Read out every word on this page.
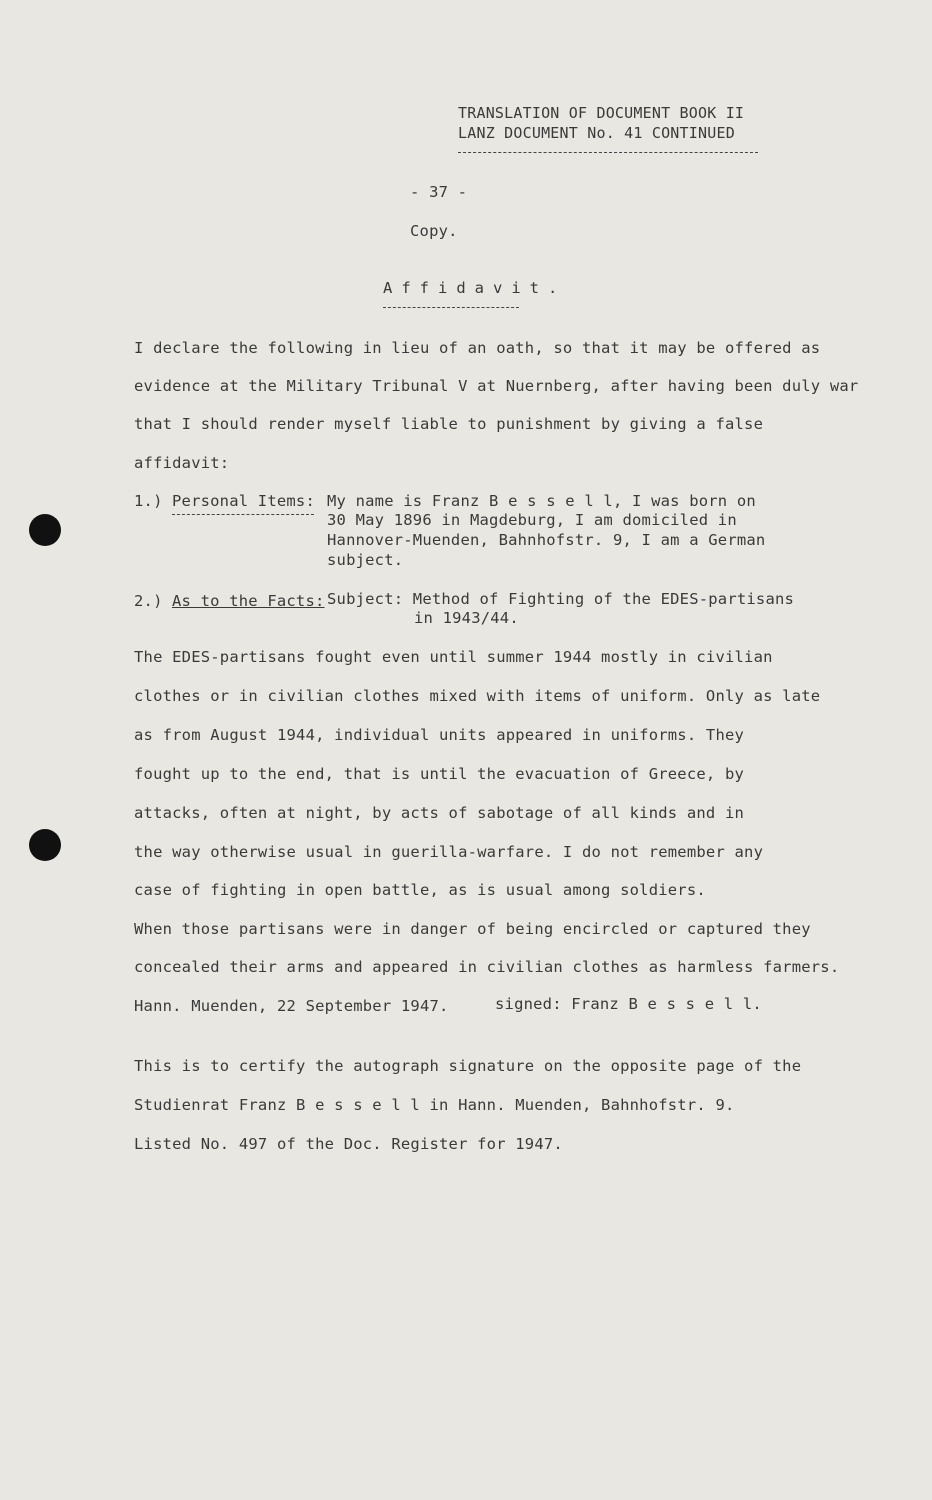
TRANSLATION OF DOCUMENT BOOK II
LANZ DOCUMENT No. 41 CONTINUED
- 37 -
Copy.
Affidavit.
I declare the following in lieu of an oath, so that it may be offered as
evidence at the Military Tribunal V at Nuernberg, after having been duly war
that I should render myself liable to punishment by giving a false
affidavit:
1.) Personal Items: My name is Franz B e s s e l l, I was born on
30 May 1896 in Magdeburg, I am domiciled in
Hannover-Muenden, Bahnhofstr. 9, I am a German
subject.
2.) As to the Facts: Subject: Method of Fighting of the EDES-partisans
in 1943/44.
The EDES-partisans fought even until summer 1944 mostly in civilian
clothes or in civilian clothes mixed with items of uniform. Only as late
as from August 1944, individual units appeared in uniforms. They
fought up to the end, that is until the evacuation of Greece, by
attacks, often at night, by acts of sabotage of all kinds and in
the way otherwise usual in guerilla-warfare. I do not remember any
case of fighting in open battle, as is usual among soldiers.
When those partisans were in danger of being encircled or captured they
concealed their arms and appeared in civilian clothes as harmless farmers.
Hann. Muenden, 22 September 1947.	signed: Franz B e s s e l l.
This is to certify the autograph signature on the opposite page of the
Studienrat Franz B e s s e l l in Hann. Muenden, Bahnhofstr. 9.
Listed No. 497 of the Doc. Register for 1947.
